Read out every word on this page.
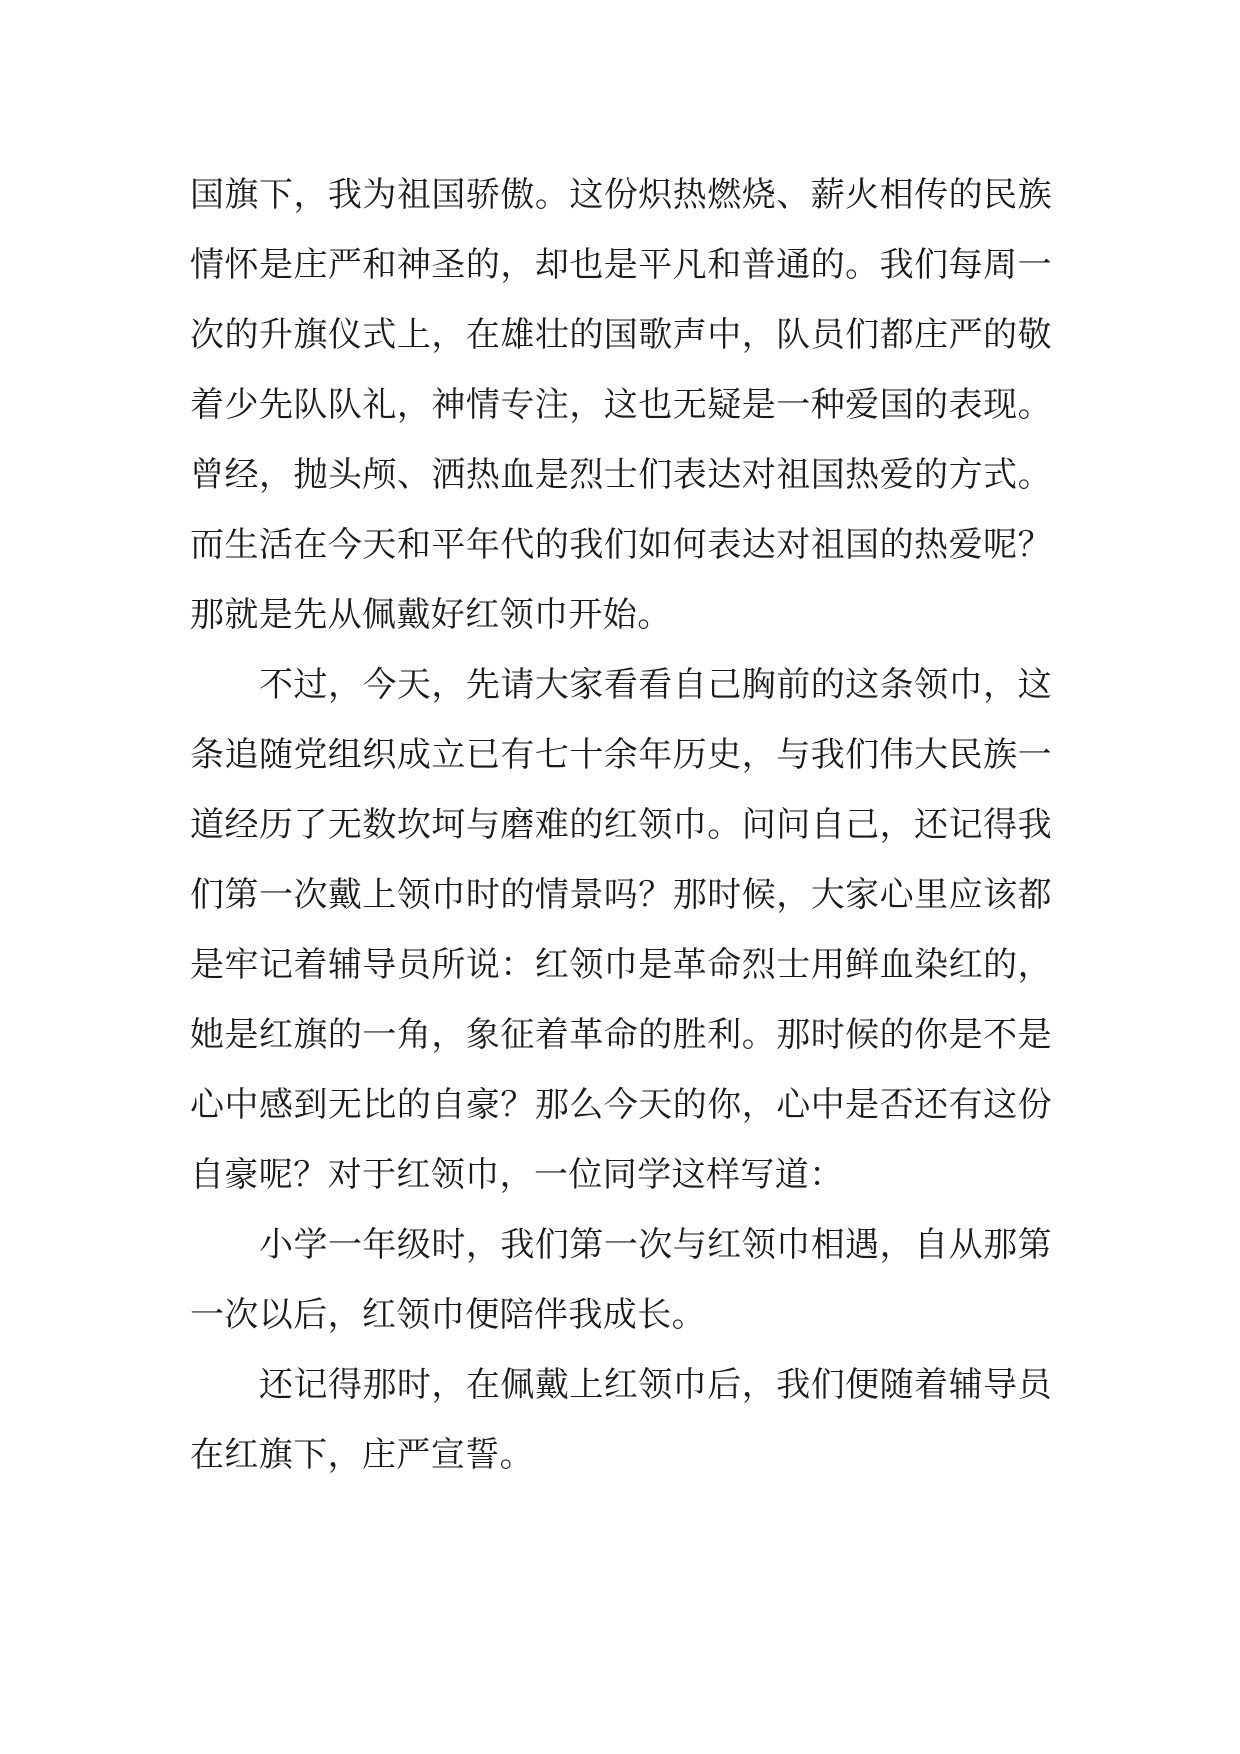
国旗下，我为祖国骄傲。这份炽热燃烧、薪火相传的民族
情怀是庄严和神圣的，却也是平凡和普通的。我们每周一
次的升旗仪式上，在雄壮的国歌声中，队员们都庄严的敬
着少先队队礼，神情专注，这也无疑是一种爱国的表现。
曾经，抛头颅、洒热血是烈士们表达对祖国热爱的方式。
而生活在今天和平年代的我们如何表达对祖国的热爱呢？
那就是先从佩戴好红领巾开始。

不过，今天，先请大家看看自己胸前的这条领巾，这
条追随党组织成立已有七十余年历史，与我们伟大民族一
道经历了无数坎坷与磨难的红领巾。问问自己，还记得我
们第一次戴上领巾时的情景吗？那时候，大家心里应该都
是牢记着辅导员所说：红领巾是革命烈士用鲜血染红的，
她是红旗的一角，象征着革命的胜利。那时候的你是不是
心中感到无比的自豪？那么今天的你，心中是否还有这份
自豪呢？对于红领巾，一位同学这样写道：

小学一年级时，我们第一次与红领巾相遇，自从那第
一次以后，红领巾便陪伴我成长。

还记得那时，在佩戴上红领巾后，我们便随着辅导员
在红旗下，庄严宣誓。
